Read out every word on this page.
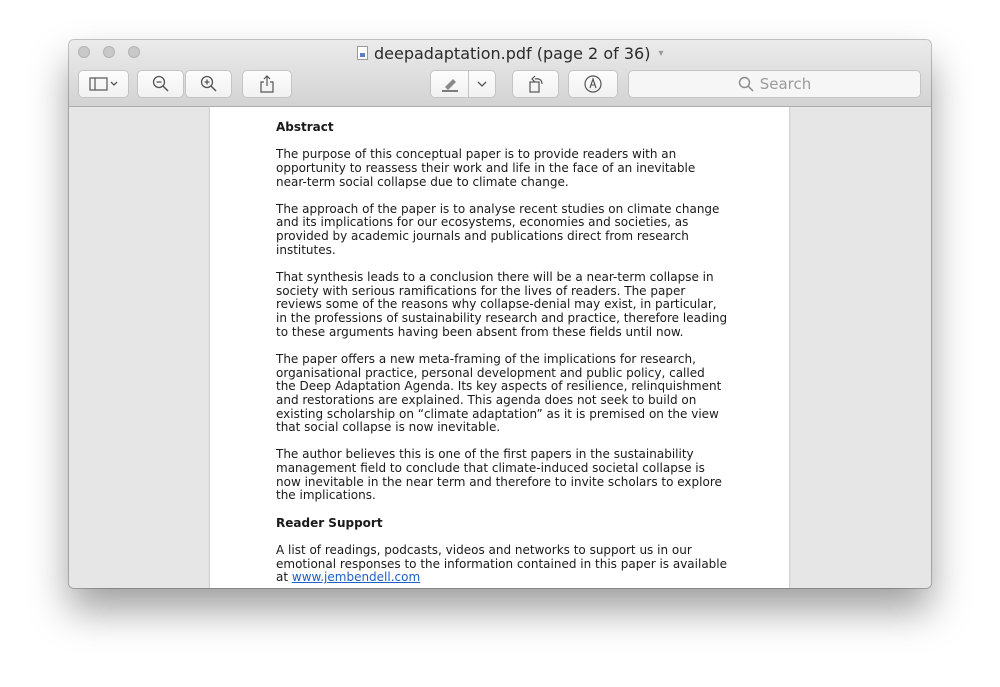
deepadaptation.pdf (page 2 of 36) ▾
Search
Abstract

The purpose of this conceptual paper is to provide readers with an opportunity to reassess their work and life in the face of an inevitable near-term social collapse due to climate change.

The approach of the paper is to analyse recent studies on climate change and its implications for our ecosystems, economies and societies, as provided by academic journals and publications direct from research institutes.

That synthesis leads to a conclusion there will be a near-term collapse in society with serious ramifications for the lives of readers. The paper reviews some of the reasons why collapse-denial may exist, in particular, in the professions of sustainability research and practice, therefore leading to these arguments having been absent from these fields until now.

The paper offers a new meta-framing of the implications for research, organisational practice, personal development and public policy, called the Deep Adaptation Agenda. Its key aspects of resilience, relinquishment and restorations are explained. This agenda does not seek to build on existing scholarship on “climate adaptation” as it is premised on the view that social collapse is now inevitable.

The author believes this is one of the first papers in the sustainability management field to conclude that climate-induced societal collapse is now inevitable in the near term and therefore to invite scholars to explore the implications.

Reader Support

A list of readings, podcasts, videos and networks to support us in our emotional responses to the information contained in this paper is available at www.jembendell.com
